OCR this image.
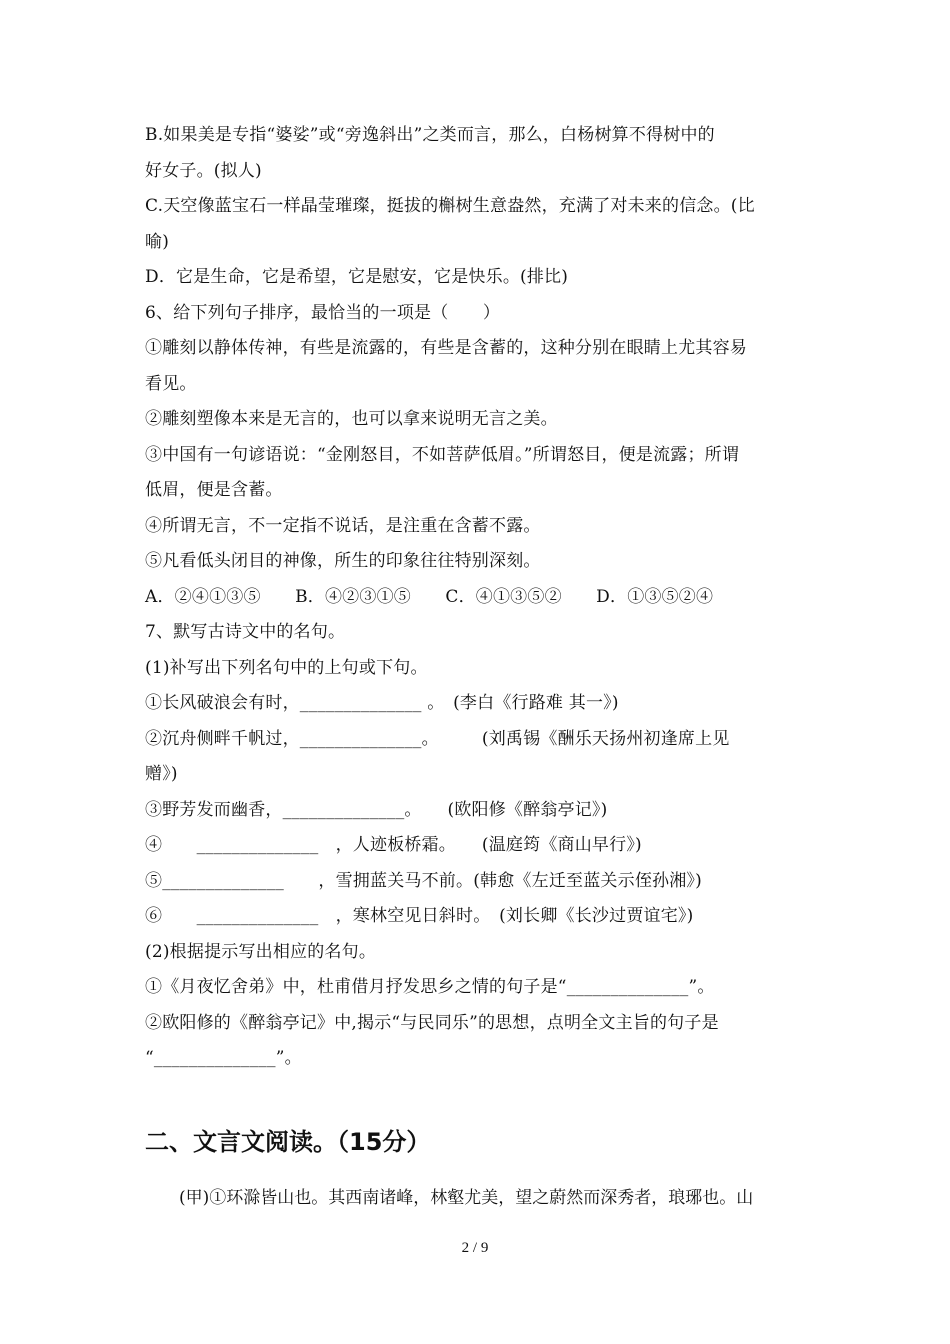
B.如果美是专指“婆娑”或“旁逸斜出”之类而言，那么，白杨树算不得树中的

好女子。(拟人)

C.天空像蓝宝石一样晶莹璀璨，挺拔的槲树生意盎然，充满了对未来的信念。(比

喻)

D．它是生命，它是希望，它是慰安，它是快乐。(排比)

6、给下列句子排序，最恰当的一项是（　　）

①雕刻以静体传神，有些是流露的，有些是含蓄的，这种分别在眼睛上尤其容易

看见。

②雕刻塑像本来是无言的，也可以拿来说明无言之美。

③中国有一句谚语说：“金刚怒目，不如菩萨低眉。”所谓怒目，便是流露；所谓

低眉，便是含蓄。

④所谓无言，不一定指不说话，是注重在含蓄不露。

⑤凡看低头闭目的神像，所生的印象往往特别深刻。

A．②④①③⑤　　B．④②③①⑤　　C．④①③⑤②　　D．①③⑤②④

7、默写古诗文中的名句。

(1)补写出下列名句中的上句或下句。

①长风破浪会有时，______________ 。　(李白《行路难 其一》)

②沉舟侧畔千帆过，______________。　　　(刘禹锡《酬乐天扬州初逢席上见

赠》)

③野芳发而幽香，______________。　　(欧阳修《醉翁亭记》)

④　　______________　，人迹板桥霜。　　(温庭筠《商山早行》)

⑤______________　　，雪拥蓝关马不前。(韩愈《左迁至蓝关示侄孙湘》)

⑥　　______________　，寒林空见日斜时。　(刘长卿《长沙过贾谊宅》)

(2)根据提示写出相应的名句。

①《月夜忆舍弟》中，杜甫借月抒发思乡之情的句子是“______________”。

②欧阳修的《醉翁亭记》中,揭示“与民同乐”的思想，点明全文主旨的句子是

“______________”。

二、文言文阅读。（15分）

(甲)①环滁皆山也。其西南诸峰，林壑尤美，望之蔚然而深秀者，琅琊也。山

2 / 9
